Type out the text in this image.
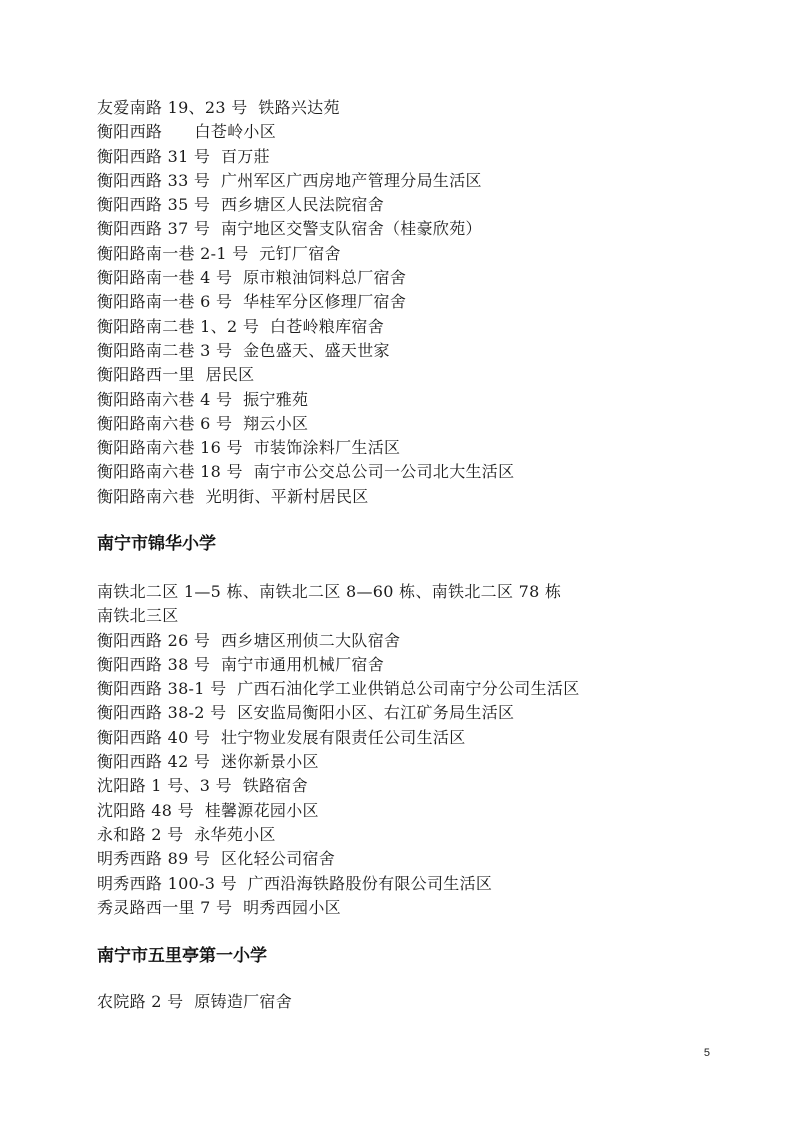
友爱南路 19、23 号  铁路兴达苑
衡阳西路      白苍岭小区
衡阳西路 31 号  百万莊
衡阳西路 33 号  广州军区广西房地产管理分局生活区
衡阳西路 35 号  西乡塘区人民法院宿舍
衡阳西路 37 号  南宁地区交警支队宿舍（桂豪欣苑）
衡阳路南一巷 2-1 号  元钉厂宿舍
衡阳路南一巷 4 号  原市粮油饲料总厂宿舍
衡阳路南一巷 6 号  华桂军分区修理厂宿舍
衡阳路南二巷 1、2 号  白苍岭粮库宿舍
衡阳路南二巷 3 号  金色盛天、盛天世家
衡阳路西一里  居民区
衡阳路南六巷 4 号  振宁雅苑
衡阳路南六巷 6 号  翔云小区
衡阳路南六巷 16 号  市装饰涂料厂生活区
衡阳路南六巷 18 号  南宁市公交总公司一公司北大生活区
衡阳路南六巷  光明街、平新村居民区
南宁市锦华小学
南铁北二区 1—5 栋、南铁北二区 8—60 栋、南铁北二区 78 栋
南铁北三区
衡阳西路 26 号  西乡塘区刑侦二大队宿舍
衡阳西路 38 号  南宁市通用机械厂宿舍
衡阳西路 38-1 号  广西石油化学工业供销总公司南宁分公司生活区
衡阳西路 38-2 号  区安监局衡阳小区、右江矿务局生活区
衡阳西路 40 号  壮宁物业发展有限责任公司生活区
衡阳西路 42 号  迷你新景小区
沈阳路 1 号、3 号  铁路宿舍
沈阳路 48 号  桂馨源花园小区
永和路 2 号  永华苑小区
明秀西路 89 号  区化轻公司宿舍
明秀西路 100-3 号  广西沿海铁路股份有限公司生活区
秀灵路西一里 7 号  明秀西园小区
南宁市五里亭第一小学
农院路 2 号  原铸造厂宿舍
5
